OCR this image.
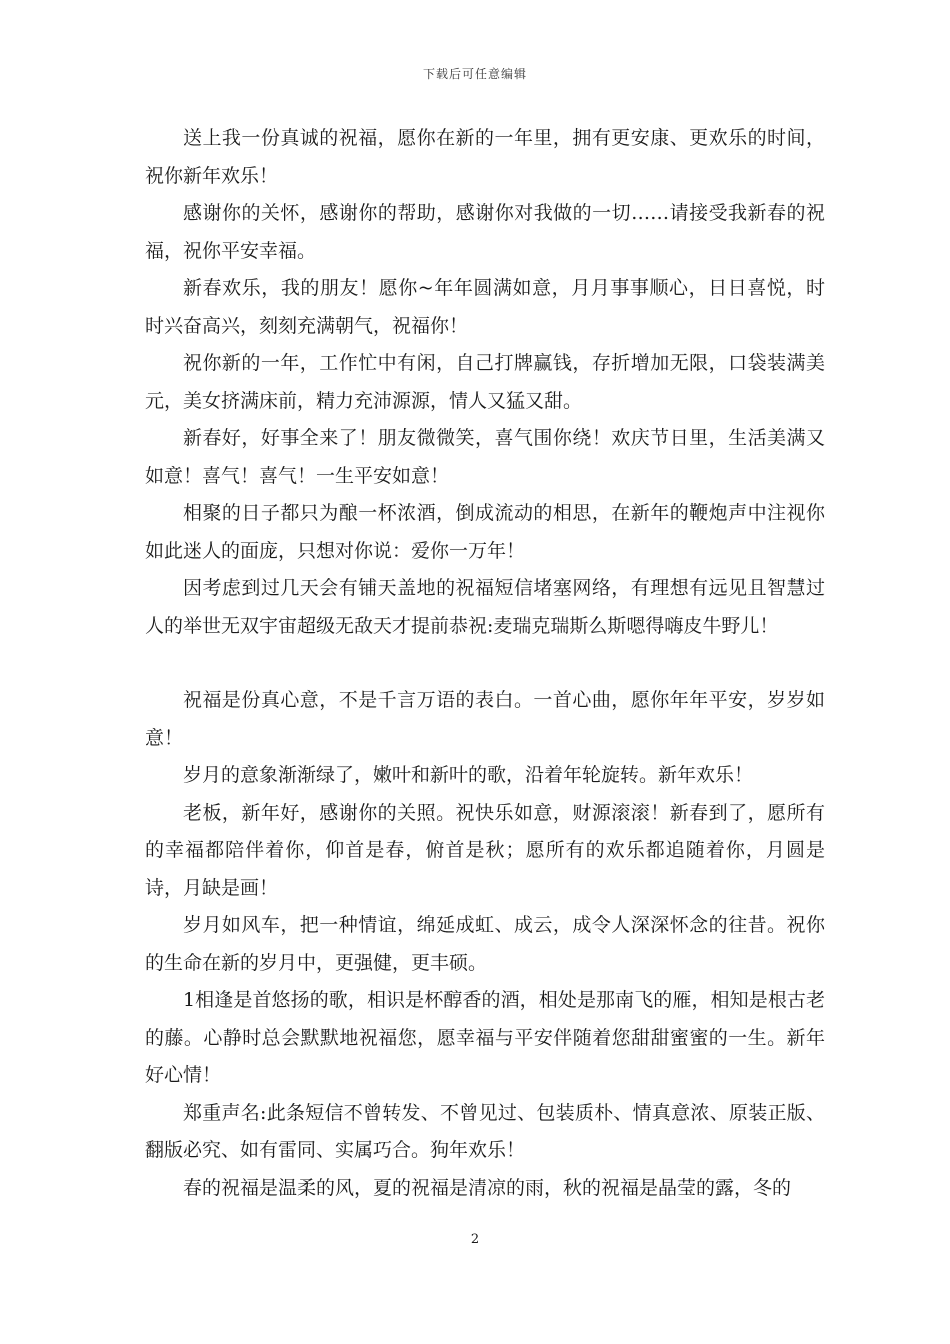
下载后可任意编辑

送上我一份真诚的祝福，愿你在新的一年里，拥有更安康、更欢乐的时间，祝你新年欢乐！

感谢你的关怀，感谢你的帮助，感谢你对我做的一切……请接受我新春的祝福，祝你平安幸福。

新春欢乐，我的朋友！愿你~年年圆满如意，月月事事顺心，日日喜悦，时时兴奋高兴，刻刻充满朝气，祝福你！

祝你新的一年，工作忙中有闲，自己打牌赢钱，存折增加无限，口袋装满美元，美女挤满床前，精力充沛源源，情人又猛又甜。

新春好，好事全来了！朋友微微笑，喜气围你绕！欢庆节日里，生活美满又如意！喜气！喜气！一生平安如意！

相聚的日子都只为酿一杯浓酒，倒成流动的相思，在新年的鞭炮声中注视你如此迷人的面庞，只想对你说：爱你一万年！

因考虑到过几天会有铺天盖地的祝福短信堵塞网络，有理想有远见且智慧过人的举世无双宇宙超级无敌天才提前恭祝:麦瑞克瑞斯么斯嗯得嗨皮牛野儿！

祝福是份真心意，不是千言万语的表白。一首心曲，愿你年年平安，岁岁如意！

岁月的意象渐渐绿了，嫩叶和新叶的歌，沿着年轮旋转。新年欢乐！

老板，新年好，感谢你的关照。祝快乐如意，财源滚滚！新春到了，愿所有的幸福都陪伴着你，仰首是春，俯首是秋；愿所有的欢乐都追随着你，月圆是诗，月缺是画！

岁月如风车，把一种情谊，绵延成虹、成云，成令人深深怀念的往昔。祝你的生命在新的岁月中，更强健，更丰硕。

1相逢是首悠扬的歌，相识是杯醇香的酒，相处是那南飞的雁，相知是根古老的藤。心静时总会默默地祝福您，愿幸福与平安伴随着您甜甜蜜蜜的一生。新年好心情！

郑重声名:此条短信不曾转发、不曾见过、包装质朴、情真意浓、原装正版、翻版必究、如有雷同、实属巧合。狗年欢乐！

春的祝福是温柔的风，夏的祝福是清凉的雨，秋的祝福是晶莹的露，冬的

2
